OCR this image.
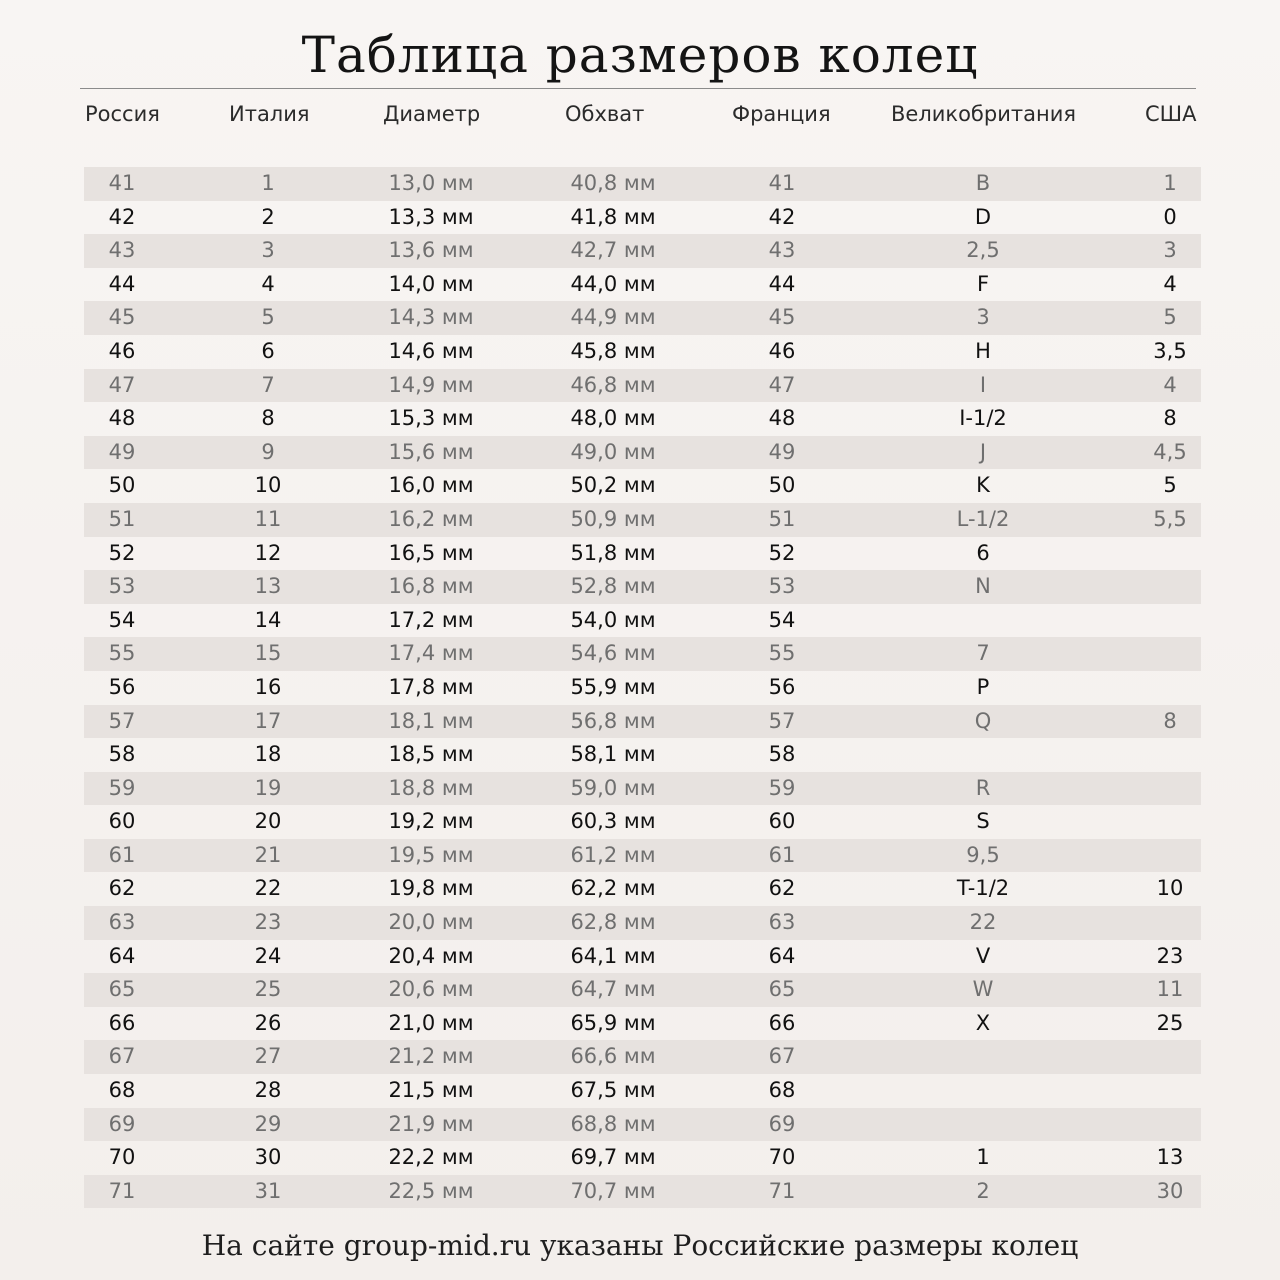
Таблица размеров колец
Россия	Италия	Диаметр	Обхват	Франция	Великобритания	США
41	1	13,0 мм	40,8 мм	41	B	1
42	2	13,3 мм	41,8 мм	42	D	0
43	3	13,6 мм	42,7 мм	43	2,5	3
44	4	14,0 мм	44,0 мм	44	F	4
45	5	14,3 мм	44,9 мм	45	3	5
46	6	14,6 мм	45,8 мм	46	H	3,5
47	7	14,9 мм	46,8 мм	47	I	4
48	8	15,3 мм	48,0 мм	48	I-1/2	8
49	9	15,6 мм	49,0 мм	49	J	4,5
50	10	16,0 мм	50,2 мм	50	K	5
51	11	16,2 мм	50,9 мм	51	L-1/2	5,5
52	12	16,5 мм	51,8 мм	52	6
53	13	16,8 мм	52,8 мм	53	N
54	14	17,2 мм	54,0 мм	54
55	15	17,4 мм	54,6 мм	55	7
56	16	17,8 мм	55,9 мм	56	P
57	17	18,1 мм	56,8 мм	57	Q	8
58	18	18,5 мм	58,1 мм	58
59	19	18,8 мм	59,0 мм	59	R
60	20	19,2 мм	60,3 мм	60	S
61	21	19,5 мм	61,2 мм	61	9,5
62	22	19,8 мм	62,2 мм	62	T-1/2	10
63	23	20,0 мм	62,8 мм	63	22
64	24	20,4 мм	64,1 мм	64	V	23
65	25	20,6 мм	64,7 мм	65	W	11
66	26	21,0 мм	65,9 мм	66	X	25
67	27	21,2 мм	66,6 мм	67
68	28	21,5 мм	67,5 мм	68
69	29	21,9 мм	68,8 мм	69
70	30	22,2 мм	69,7 мм	70	1	13
71	31	22,5 мм	70,7 мм	71	2	30
На сайте group-mid.ru указаны Российские размеры колец
